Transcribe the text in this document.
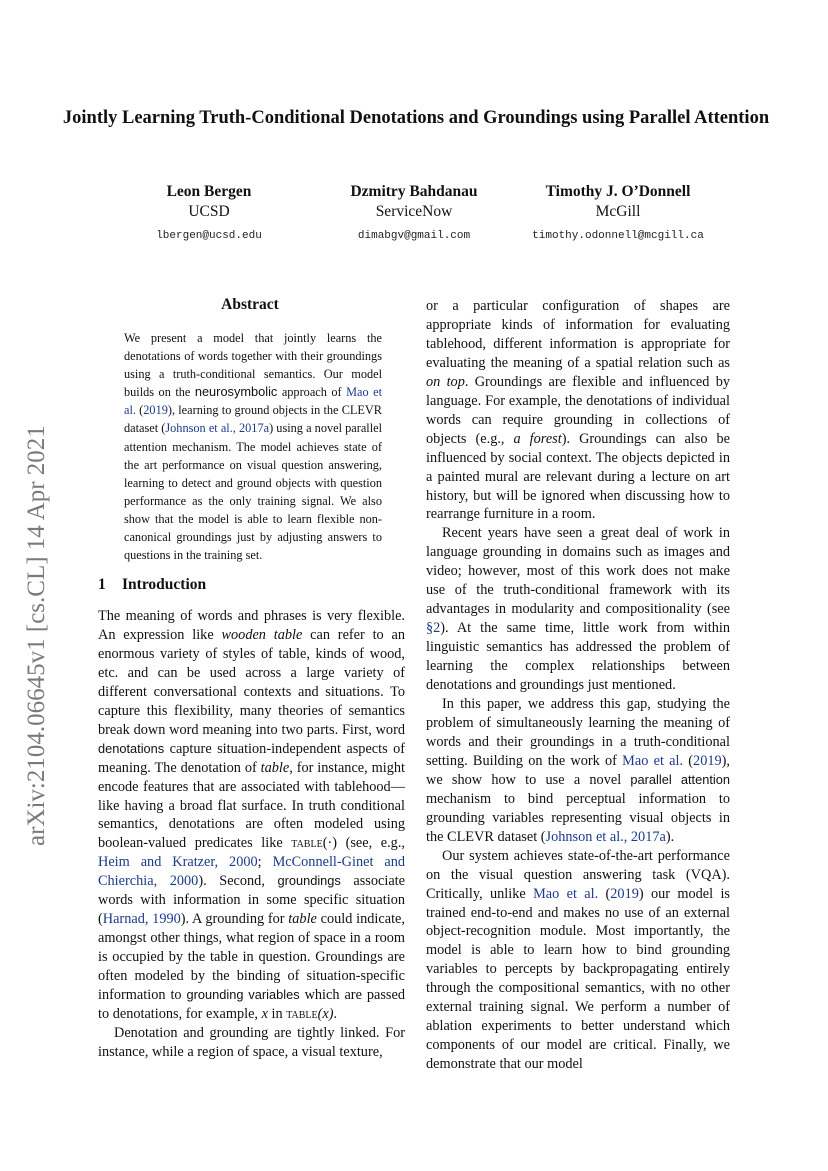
arXiv:2104.06645v1 [cs.CL] 14 Apr 2021
Jointly Learning Truth-Conditional Denotations and Groundings using Parallel Attention
Leon Bergen
UCSD
lbergen@ucsd.edu
Dzmitry Bahdanau
ServiceNow
dimabgv@gmail.com
Timothy J. O’Donnell
McGill
timothy.odonnell@mcgill.ca
Abstract
We present a model that jointly learns the denotations of words together with their groundings using a truth-conditional semantics. Our model builds on the neurosymbolic approach of Mao et al. (2019), learning to ground objects in the CLEVR dataset (Johnson et al., 2017a) using a novel parallel attention mechanism. The model achieves state of the art performance on visual question answering, learning to detect and ground objects with question performance as the only training signal. We also show that the model is able to learn flexible non-canonical groundings just by adjusting answers to questions in the training set.
1 Introduction

The meaning of words and phrases is very flexible. An expression like wooden table can refer to an enormous variety of styles of table, kinds of wood, etc. and can be used across a large variety of different conversational contexts and situations. To capture this flexibility, many theories of semantics break down word meaning into two parts. First, word denotations capture situation-independent aspects of meaning. The denotation of table, for instance, might encode features that are associated with tablehood—like having a broad flat surface. In truth conditional semantics, denotations are often modeled using boolean-valued predicates like table(·) (see, e.g., Heim and Kratzer, 2000; McConnell-Ginet and Chierchia, 2000). Second, groundings associate words with information in some specific situation (Harnad, 1990). A grounding for table could indicate, amongst other things, what region of space in a room is occupied by the table in question. Groundings are often modeled by the binding of situation-specific information to grounding variables which are passed to denotations, for example, x in table(x).

Denotation and grounding are tightly linked. For instance, while a region of space, a visual texture,

or a particular configuration of shapes are appropriate kinds of information for evaluating tablehood, different information is appropriate for evaluating the meaning of a spatial relation such as on top. Groundings are flexible and influenced by language. For example, the denotations of individual words can require grounding in collections of objects (e.g., a forest). Groundings can also be influenced by social context. The objects depicted in a painted mural are relevant during a lecture on art history, but will be ignored when discussing how to rearrange furniture in a room.

Recent years have seen a great deal of work in language grounding in domains such as images and video; however, most of this work does not make use of the truth-conditional framework with its advantages in modularity and compositionality (see §2). At the same time, little work from within linguistic semantics has addressed the problem of learning the complex relationships between denotations and groundings just mentioned.

In this paper, we address this gap, studying the problem of simultaneously learning the meaning of words and their groundings in a truth-conditional setting. Building on the work of Mao et al. (2019), we show how to use a novel parallel attention mechanism to bind perceptual information to grounding variables representing visual objects in the CLEVR dataset (Johnson et al., 2017a).

Our system achieves state-of-the-art performance on the visual question answering task (VQA). Critically, unlike Mao et al. (2019) our model is trained end-to-end and makes no use of an external object-recognition module. Most importantly, the model is able to learn how to bind grounding variables to percepts by backpropagating entirely through the compositional semantics, with no other external training signal. We perform a number of ablation experiments to better understand which components of our model are critical. Finally, we demonstrate that our model
